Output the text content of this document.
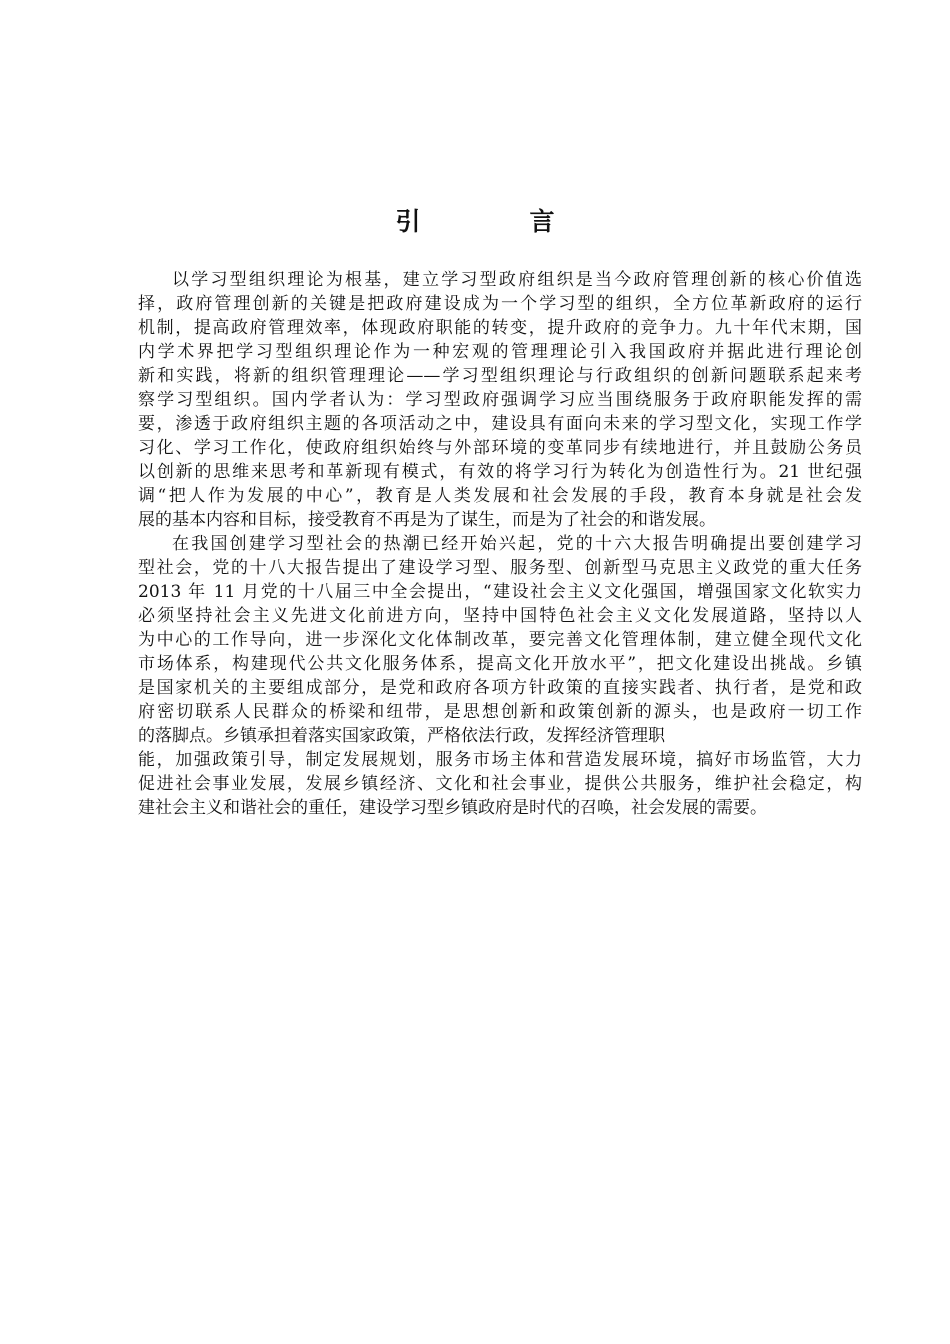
引　言
以学习型组织理论为根基，建立学习型政府组织是当今政府管理创新的核心价值选
择，政府管理创新的关键是把政府建设成为一个学习型的组织，全方位革新政府的运行
机制，提高政府管理效率，体现政府职能的转变，提升政府的竞争力。九十年代末期，国
内学术界把学习型组织理论作为一种宏观的管理理论引入我国政府并据此进行理论创
新和实践，将新的组织管理理论——学习型组织理论与行政组织的创新问题联系起来考
察学习型组织。国内学者认为：学习型政府强调学习应当围绕服务于政府职能发挥的需
要，渗透于政府组织主题的各项活动之中，建设具有面向未来的学习型文化，实现工作学
习化、学习工作化，使政府组织始终与外部环境的变革同步有续地进行，并且鼓励公务员
以创新的思维来思考和革新现有模式，有效的将学习行为转化为创造性行为。21 世纪强
调“把人作为发展的中心”，教育是人类发展和社会发展的手段，教育本身就是社会发
展的基本内容和目标，接受教育不再是为了谋生，而是为了社会的和谐发展。
在我国创建学习型社会的热潮已经开始兴起，党的十六大报告明确提出要创建学习
型社会，党的十八大报告提出了建设学习型、服务型、创新型马克思主义政党的重大任务
2013 年 11 月党的十八届三中全会提出，“建设社会主义文化强国，增强国家文化软实力
必须坚持社会主义先进文化前进方向，坚持中国特色社会主义文化发展道路，坚持以人
为中心的工作导向，进一步深化文化体制改革，要完善文化管理体制，建立健全现代文化
市场体系，构建现代公共文化服务体系，提高文化开放水平”，把文化建设出挑战。乡镇
是国家机关的主要组成部分，是党和政府各项方针政策的直接实践者、执行者，是党和政
府密切联系人民群众的桥梁和纽带，是思想创新和政策创新的源头，也是政府一切工作
的落脚点。乡镇承担着落实国家政策，严格依法行政，发挥经济管理职
能，加强政策引导，制定发展规划，服务市场主体和营造发展环境，搞好市场监管，大力
促进社会事业发展，发展乡镇经济、文化和社会事业，提供公共服务，维护社会稳定，构
建社会主义和谐社会的重任，建设学习型乡镇政府是时代的召唤，社会发展的需要。
